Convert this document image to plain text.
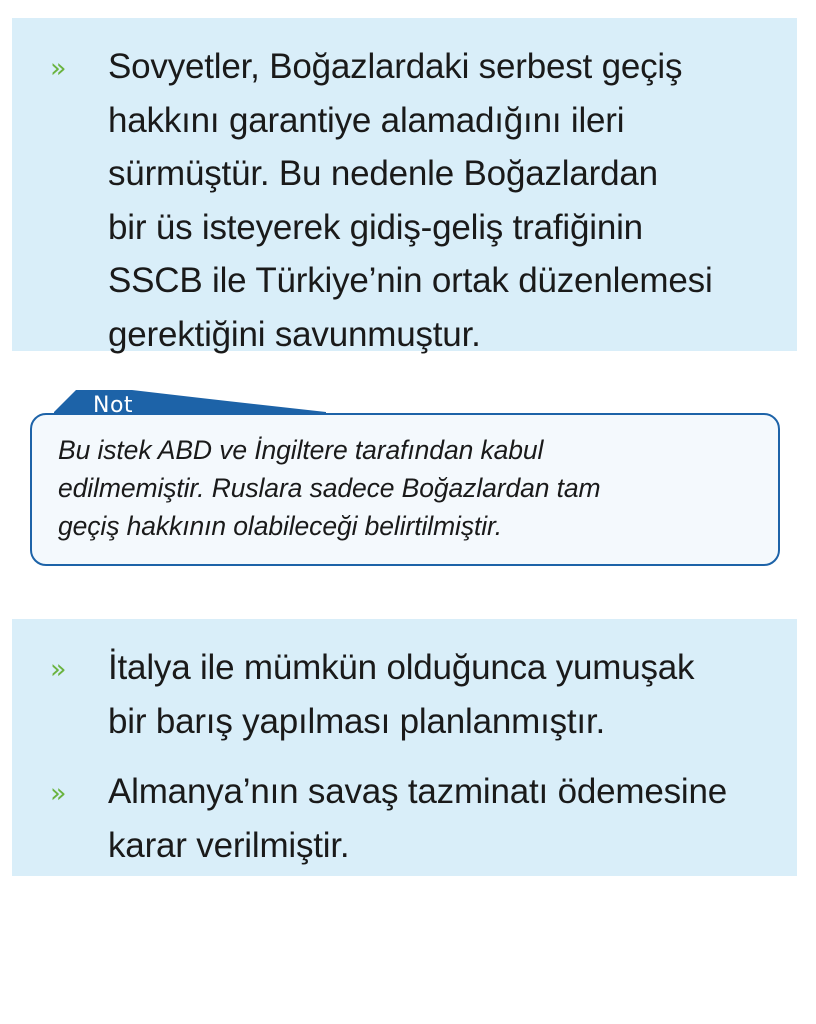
» Sovyetler, Boğazlardaki serbest geçiş
hakkını garantiye alamadığını ileri
sürmüştür. Bu nedenle Boğazlardan
bir üs isteyerek gidiş-geliş trafiğinin
SSCB ile Türkiye’nin ortak düzenlemesi
gerektiğini savunmuştur.
Not
Bu istek ABD ve İngiltere tarafından kabul
edilmemiştir. Ruslara sadece Boğazlardan tam
geçiş hakkının olabileceği belirtilmiştir.
» İtalya ile mümkün olduğunca yumuşak
bir barış yapılması planlanmıştır.
» Almanya’nın savaş tazminatı ödemesine
karar verilmiştir.
